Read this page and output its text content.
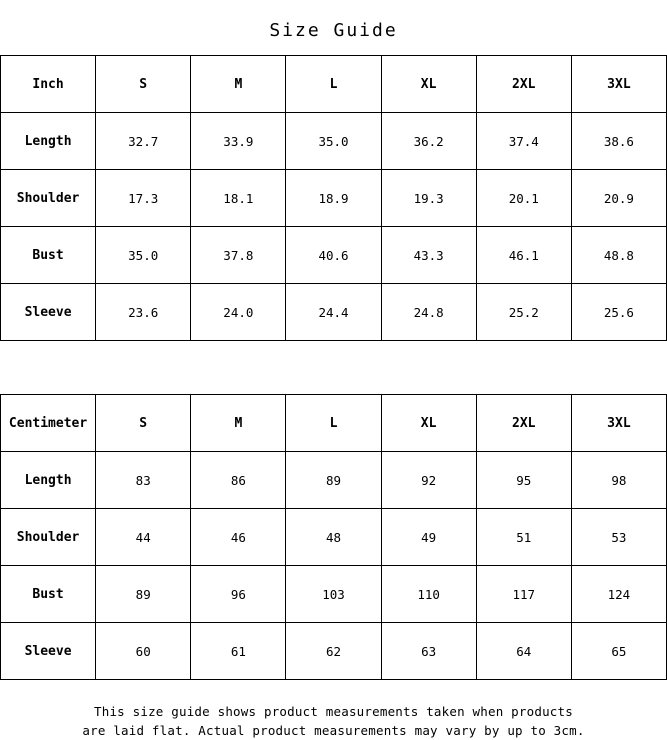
Size Guide
Inch	S	M	L	XL	2XL	3XL
Length	32.7	33.9	35.0	36.2	37.4	38.6
Shoulder	17.3	18.1	18.9	19.3	20.1	20.9
Bust	35.0	37.8	40.6	43.3	46.1	48.8
Sleeve	23.6	24.0	24.4	24.8	25.2	25.6
Centimeter	S	M	L	XL	2XL	3XL
Length	83	86	89	92	95	98
Shoulder	44	46	48	49	51	53
Bust	89	96	103	110	117	124
Sleeve	60	61	62	63	64	65
This size guide shows product measurements taken when products
are laid flat. Actual product measurements may vary by up to 3cm.
